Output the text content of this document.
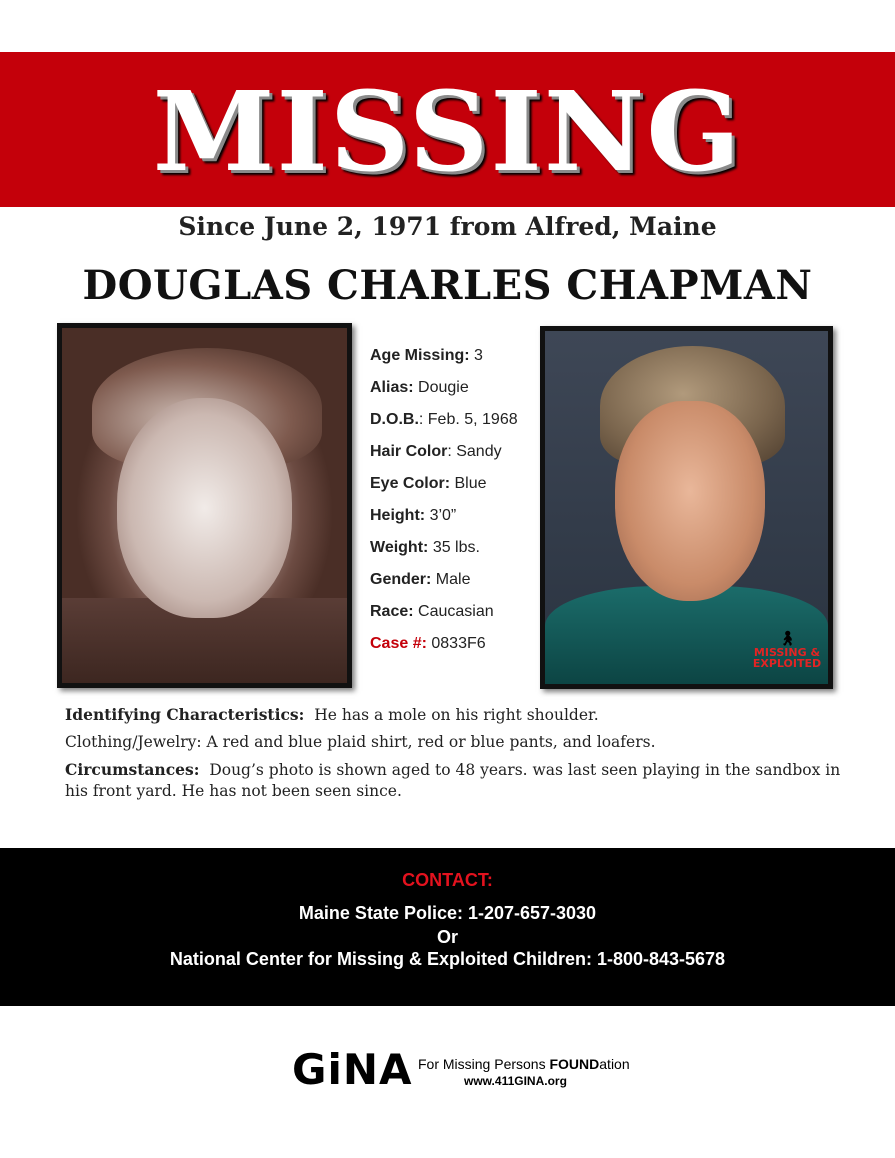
MISSING
Since June 2, 1971 from Alfred, Maine
DOUGLAS CHARLES CHAPMAN
Age Missing: 3
Alias: Dougie
D.O.B.: Feb. 5, 1968
Hair Color: Sandy
Eye Color: Blue
Height: 3’0”
Weight: 35 lbs.
Gender: Male
Race: Caucasian
Case #: 0833F6	🚶︎
MISSING &
EXPLOITED
Identifying Characteristics: He has a mole on his right shoulder.
Clothing/Jewelry: A red and blue plaid shirt, red or blue pants, and loafers.
Circumstances: Doug’s photo is shown aged to 48 years. was last seen playing in the sandbox in his front yard. He has not been seen since.
CONTACT:
Maine State Police: 1-207-657-3030
Or
National Center for Missing & Exploited Children: 1-800-843-5678
GiNA For Missing Persons FOUNDation
www.411GINA.org
